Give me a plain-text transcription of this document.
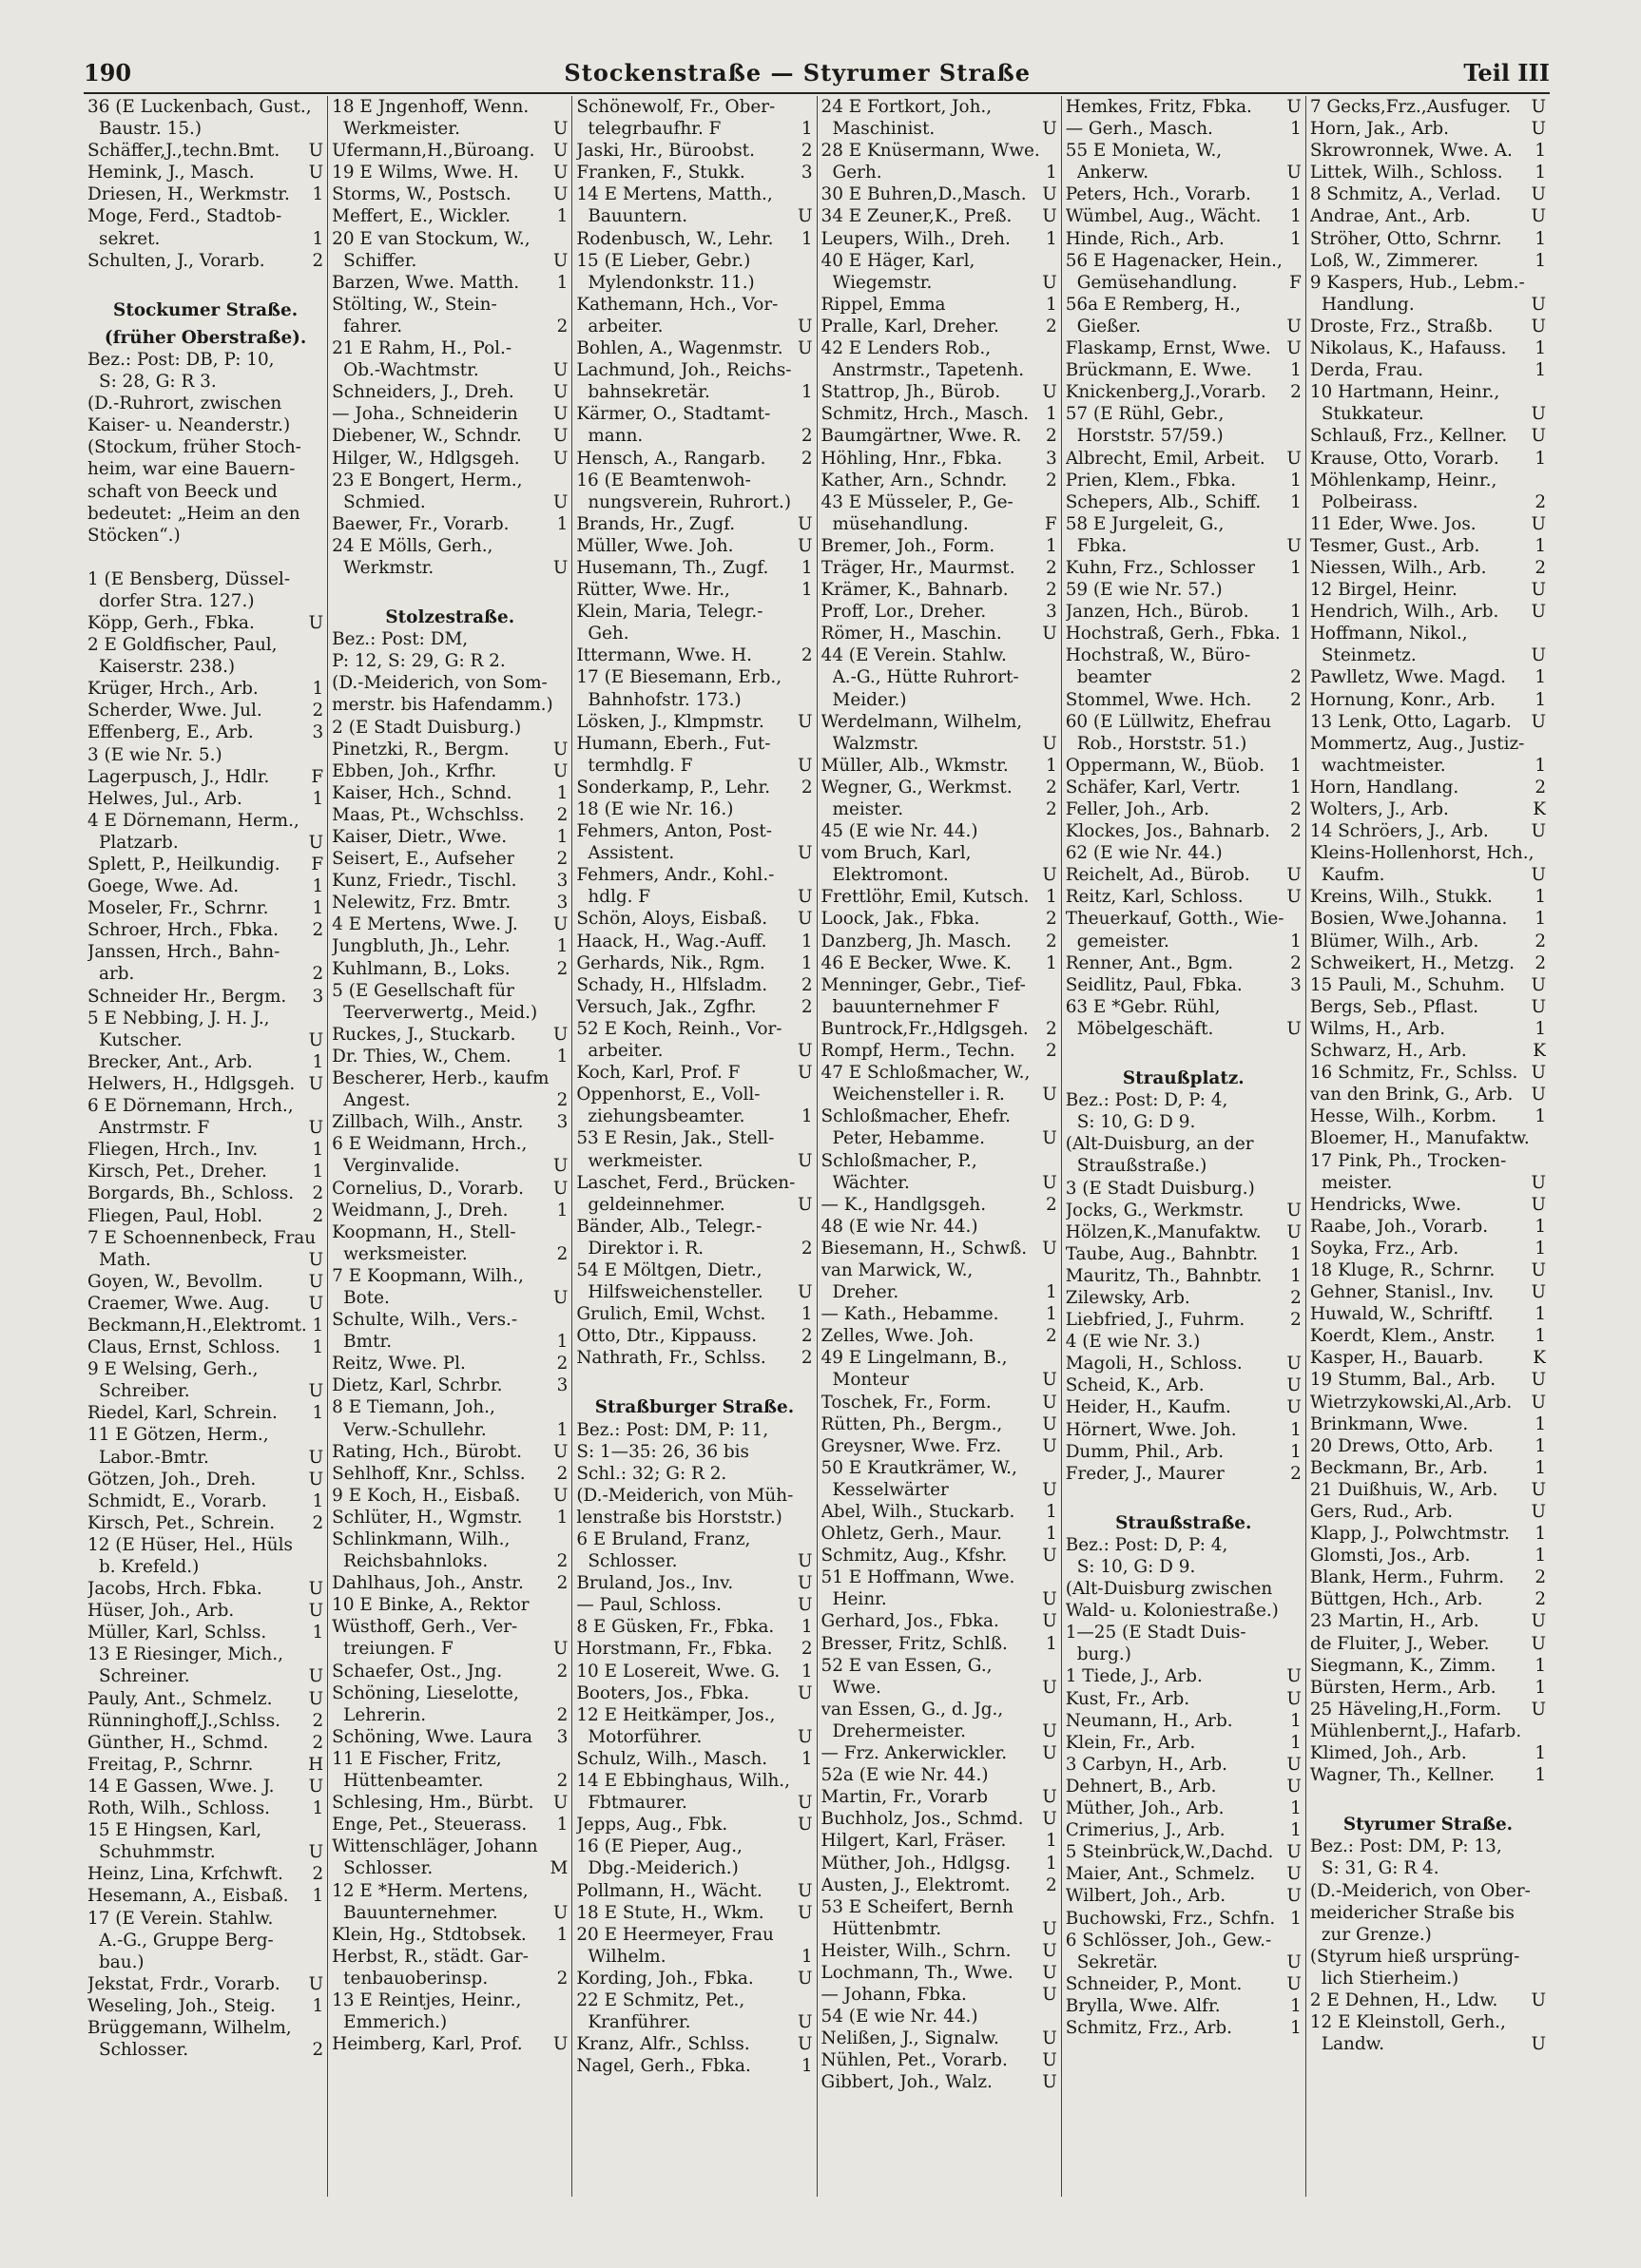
190	Stockenstraße — Styrumer Straße	Teil III
36 (E Luckenbach, Gust.,
Baustr. 15.)
Schäffer,J.,techn.Bmt. U
Hemink, J., Masch.	U
Driesen, H., Werkmstr. 1
Moge, Ferd., Stadtob-
sekret.	1
Schulten, J., Vorarb.	2
Stockumer Straße.
(früher Oberstraße).
Bez.: Post: DB, P: 10,
S: 28, G: R 3.
(D.-Ruhrort, zwischen
Kaiser- u. Neanderstr.)
(Stockum, früher Stoch-
heim, war eine Bauern-
schaft von Beeck und
bedeutet: „Heim an den
Stöcken“.)
1 (E Bensberg, Düssel-
dorfer Stra. 127.)
Köpp, Gerh., Fbka.	U
2 E Goldfischer, Paul,
Kaiserstr. 238.)
Krüger, Hrch., Arb.	1
Scherder, Wwe. Jul.	2
Effenberg, E., Arb.	3
3 (E wie Nr. 5.)
Lagerpusch, J., Hdlr. F
Helwes, Jul., Arb.	1
4 E Dörnemann, Herm.,
Platzarb.	U
Splett, P., Heilkundig. F
Goege, Wwe. Ad.	1
Moseler, Fr., Schrnr. 1
Schroer, Hrch., Fbka. 2
Janssen, Hrch., Bahn-
arb.	2
Schneider Hr., Bergm. 3
5 E Nebbing, J. H. J.,
Kutscher.	U
Brecker, Ant., Arb.	1
Helwers, H., Hdlgsgeh. U
6 E Dörnemann, Hrch.,
Anstrmstr. F	U
Fliegen, Hrch., Inv.	1
Kirsch, Pet., Dreher.	1
Borgards, Bh., Schloss. 2
Fliegen, Paul, Hobl.	2
7 E Schoennenbeck, Frau
Math.	U
Goyen, W., Bevollm.	U
Craemer, Wwe. Aug. U
Beckmann,H.,Elektromt. 1
Claus, Ernst, Schloss. 1
9 E Welsing, Gerh.,
Schreiber.	U
Riedel, Karl, Schrein. 1
11 E Götzen, Herm.,
Labor.-Bmtr.	U
Götzen, Joh., Dreh.	U
Schmidt, E., Vorarb.	1
Kirsch, Pet., Schrein. 2
12 (E Hüser, Hel., Hüls
b. Krefeld.)
Jacobs, Hrch. Fbka.	U
Hüser, Joh., Arb.	U
Müller, Karl, Schlss.	1
13 E Riesinger, Mich.,
Schreiner.	U
Pauly, Ant., Schmelz. U
Rünninghoff,J.,Schlss. 2
Günther, H., Schmd.	2
Freitag, P., Schrnr.	H
14 E Gassen, Wwe. J. U
Roth, Wilh., Schloss. 1
15 E Hingsen, Karl,
Schuhmmstr.	U
Heinz, Lina, Krfchwft. 2
Hesemann, A., Eisbaß. 1
17 (E Verein. Stahlw.
A.-G., Gruppe Berg-
bau.)
Jekstat, Frdr., Vorarb. U
Weseling, Joh., Steig. 1
Brüggemann, Wilhelm,
Schlosser.	2
18 E Jngenhoff, Wenn.
Werkmeister.	U
Ufermann,H.,Büroang. U
19 E Wilms, Wwe. H. U
Storms, W., Postsch. U
Meffert, E., Wickler.	1
20 E van Stockum, W.,
Schiffer.	U
Barzen, Wwe. Matth. 1
Stölting, W., Stein-
fahrer.	2
21 E Rahm, H., Pol.-
Ob.-Wachtmstr.	U
Schneiders, J., Dreh. U
— Joha., Schneiderin U
Diebener, W., Schndr. U
Hilger, W., Hdlgsgeh. U
23 E Bongert, Herm.,
Schmied.	U
Baewer, Fr., Vorarb.	1
24 E Mölls, Gerh.,
Werkmstr.	U
Stolzestraße.
Bez.: Post: DM,
P: 12, S: 29, G: R 2.
(D.-Meiderich, von Som-
merstr. bis Hafendamm.)
2 (E Stadt Duisburg.)
Pinetzki, R., Bergm.	U
Ebben, Joh., Krfhr.	U
Kaiser, Hch., Schnd.	1
Maas, Pt., Wchschlss. 2
Kaiser, Dietr., Wwe.	1
Seisert, E., Aufseher 2
Kunz, Friedr., Tischl. 3
Nelewitz, Frz. Bmtr.	3
4 E Mertens, Wwe. J. U
Jungbluth, Jh., Lehr.	1
Kuhlmann, B., Loks.	2
5 (E Gesellschaft für
Teerverwertg., Meid.)
Ruckes, J., Stuckarb. U
Dr. Thies, W., Chem.	1
Bescherer, Herb., kaufm
Angest.	2
Zillbach, Wilh., Anstr. 3
6 E Weidmann, Hrch.,
Verginvalide.	U
Cornelius, D., Vorarb. U
Weidmann, J., Dreh.	1
Koopmann, H., Stell-
werksmeister.	2
7 E Koopmann, Wilh.,
Bote.	U
Schulte, Wilh., Vers.-
Bmtr.	1
Reitz, Wwe. Pl.	2
Dietz, Karl, Schrbr.	3
8 E Tiemann, Joh.,
Verw.-Schullehr.	1
Rating, Hch., Bürobt. U
Sehlhoff, Knr., Schlss. 2
9 E Koch, H., Eisbaß. U
Schlüter, H., Wgmstr. 1
Schlinkmann, Wilh.,
Reichsbahnloks.	2
Dahlhaus, Joh., Anstr. 2
10 E Binke, A., Rektor
Wüsthoff, Gerh., Ver-
treiungen. F	U
Schaefer, Ost., Jng.	2
Schöning, Lieselotte,
Lehrerin.	2
Schöning, Wwe. Laura 3
11 E Fischer, Fritz,
Hüttenbeamter.	2
Schlesing, Hm., Bürbt. U
Enge, Pet., Steuerass. 1
Wittenschläger, Johann
Schlosser.	M
12 E *Herm. Mertens,
Bauunternehmer.	U
Klein, Hg., Stdtobsek. 1
Herbst, R., städt. Gar-
tenbauoberinsp.	2
13 E Reintjes, Heinr.,
Emmerich.)
Heimberg, Karl, Prof. U
Schönewolf, Fr., Ober-
telegrbaufhr. F	1
Jaski, Hr., Büroobst.	2
Franken, F., Stukk.	3
14 E Mertens, Matth.,
Bauuntern.	U
Rodenbusch, W., Lehr. 1
15 (E Lieber, Gebr.)
Mylendonkstr. 11.)
Kathemann, Hch., Vor-
arbeiter.	U
Bohlen, A., Wagenmstr. U
Lachmund, Joh., Reichs-
bahnsekretär.	1
Kärmer, O., Stadtamt-
mann.	2
Hensch, A., Rangarb. 2
16 (E Beamtenwoh-
nungsverein, Ruhrort.)
Brands, Hr., Zugf.	U
Müller, Wwe. Joh.	U
Husemann, Th., Zugf. 1
Rütter, Wwe. Hr.,	1
Klein, Maria, Telegr.-
Geh.
Ittermann, Wwe. H.	2
17 (E Biesemann, Erb.,
Bahnhofstr. 173.)
Lösken, J., Klmpmstr. U
Humann, Eberh., Fut-
termhdlg. F	U
Sonderkamp, P., Lehr. 2
18 (E wie Nr. 16.)
Fehmers, Anton, Post-
Assistent.	U
Fehmers, Andr., Kohl.-
hdlg. F	U
Schön, Aloys, Eisbaß. U
Haack, H., Wag.-Auff. 1
Gerhards, Nik., Rgm. 1
Schady, H., Hlfsladm. 2
Versuch, Jak., Zgfhr.	2
52 E Koch, Reinh., Vor-
arbeiter.	U
Koch, Karl, Prof. F	U
Oppenhorst, E., Voll-
ziehungsbeamter.	1
53 E Resin, Jak., Stell-
werkmeister.	U
Laschet, Ferd., Brücken-
geldeinnehmer.	U
Bänder, Alb., Telegr.-
Direktor i. R.	2
54 E Möltgen, Dietr.,
Hilfsweichensteller. U
Grulich, Emil, Wchst. 1
Otto, Dtr., Kippauss.	2
Nathrath, Fr., Schlss. 2
Straßburger Straße.
Bez.: Post: DM, P: 11,
S: 1—35: 26, 36 bis
Schl.: 32; G: R 2.
(D.-Meiderich, von Müh-
lenstraße bis Horststr.)
6 E Bruland, Franz,
Schlosser.	U
Bruland, Jos., Inv.	U
— Paul, Schloss.	U
8 E Güsken, Fr., Fbka. 1
Horstmann, Fr., Fbka. 2
10 E Losereit, Wwe. G. 1
Booters, Jos., Fbka.	U
12 E Heitkämper, Jos.,
Motorführer.	U
Schulz, Wilh., Masch. 1
14 E Ebbinghaus, Wilh.,
Fbtmaurer.	U
Jepps, Aug., Fbk.	U
16 (E Pieper, Aug.,
Dbg.-Meiderich.)
Pollmann, H., Wächt. U
18 E Stute, H., Wkm. U
20 E Heermeyer, Frau
Wilhelm.	1
Kording, Joh., Fbka.	U
22 E Schmitz, Pet.,
Kranführer.	U
Kranz, Alfr., Schlss.	U
Nagel, Gerh., Fbka.	1
24 E Fortkort, Joh.,
Maschinist.	U
28 E Knüsermann, Wwe.
Gerh.	1
30 E Buhren,D.,Masch. U
34 E Zeuner,K., Preß. U
Leupers, Wilh., Dreh. 1
40 E Häger, Karl,
Wiegemstr.	U
Rippel, Emma	1
Pralle, Karl, Dreher.	2
42 E Lenders Rob.,
Anstrmstr., Tapetenh.
Stattrop, Jh., Bürob. U
Schmitz, Hrch., Masch. 1
Baumgärtner, Wwe. R. 2
Höhling, Hnr., Fbka. 3
Kather, Arn., Schndr. 2
43 E Müsseler, P., Ge-
müsehandlung.	F
Bremer, Joh., Form.	1
Träger, Hr., Maurmst. 2
Krämer, K., Bahnarb. 2
Proff, Lor., Dreher.	3
Römer, H., Maschin. U
44 (E Verein. Stahlw.
A.-G., Hütte Ruhrort-
Meider.)
Werdelmann, Wilhelm,
Walzmstr.	U
Müller, Alb., Wkmstr. 1
Wegner, G., Werkmst. 2
meister.	2
45 (E wie Nr. 44.)
vom Bruch, Karl,
Elektromont.	U
Frettlöhr, Emil, Kutsch. 1
Loock, Jak., Fbka.	2
Danzberg, Jh. Masch. 2
46 E Becker, Wwe. K. 1
Menninger, Gebr., Tief-
bauunternehmer F
Buntrock,Fr.,Hdlgsgeh. 2
Rompf, Herm., Techn. 2
47 E Schloßmacher, W.,
Weichensteller i. R. U
Schloßmacher, Ehefr.
Peter, Hebamme.	U
Schloßmacher, P.,
Wächter.	U
— K., Handlgsgeh.	2
48 (E wie Nr. 44.)
Biesemann, H., Schwß. U
van Marwick, W.,
Dreher.	1
— Kath., Hebamme.	1
Zelles, Wwe. Joh.	2
49 E Lingelmann, B.,
Monteur	U
Toschek, Fr., Form.	U
Rütten, Ph., Bergm., U
Greysner, Wwe. Frz. U
50 E Krautkrämer, W.,
Kesselwärter	U
Abel, Wilh., Stuckarb. 1
Ohletz, Gerh., Maur.	1
Schmitz, Aug., Kfshr. U
51 E Hoffmann, Wwe.
Heinr.	U
Gerhard, Jos., Fbka. U
Bresser, Fritz, Schlß. 1
52 E van Essen, G.,
Wwe.	U
van Essen, G., d. Jg.,
Drehermeister.	U
— Frz. Ankerwickler. U
52a (E wie Nr. 44.)
Martin, Fr., Vorarb	U
Buchholz, Jos., Schmd. U
Hilgert, Karl, Fräser. 1
Müther, Joh., Hdlgsg. 1
Austen, J., Elektromt. 2
53 E Scheifert, Bernh
Hüttenbmtr.	U
Heister, Wilh., Schrn. U
Lochmann, Th., Wwe. U
— Johann, Fbka.	U
54 (E wie Nr. 44.)
Nelißen, J., Signalw. U
Nühlen, Pet., Vorarb. U
Gibbert, Joh., Walz.	U
Hemkes, Fritz, Fbka. U
— Gerh., Masch.	1
55 E Monieta, W.,
Ankerw.	U
Peters, Hch., Vorarb. 1
Wümbel, Aug., Wächt. 1
Hinde, Rich., Arb.	1
56 E Hagenacker, Hein.,
Gemüsehandlung.	F
56a E Remberg, H.,
Gießer.	U
Flaskamp, Ernst, Wwe. U
Brückmann, E. Wwe. 1
Knickenberg,J.,Vorarb. 2
57 (E Rühl, Gebr.,
Horststr. 57/59.)
Albrecht, Emil, Arbeit. U
Prien, Klem., Fbka.	1
Schepers, Alb., Schiff. 1
58 E Jurgeleit, G.,
Fbka.	U
Kuhn, Frz., Schlosser 1
59 (E wie Nr. 57.)
Janzen, Hch., Bürob. 1
Hochstraß, Gerh., Fbka. 1
Hochstraß, W., Büro-
beamter	2
Stommel, Wwe. Hch. 2
60 (E Lüllwitz, Ehefrau
Rob., Horststr. 51.)
Oppermann, W., Büob. 1
Schäfer, Karl, Vertr.	1
Feller, Joh., Arb.	2
Klockes, Jos., Bahnarb. 2
62 (E wie Nr. 44.)
Reichelt, Ad., Bürob. U
Reitz, Karl, Schloss. U
Theuerkauf, Gotth., Wie-
gemeister.	1
Renner, Ant., Bgm.	2
Seidlitz, Paul, Fbka.	3
63 E *Gebr. Rühl,
Möbelgeschäft.	U
Straußplatz.
Bez.: Post: D, P: 4,
S: 10, G: D 9.
(Alt-Duisburg, an der
Straußstraße.)
3 (E Stadt Duisburg.)
Jocks, G., Werkmstr. U
Hölzen,K.,Manufaktw. U
Taube, Aug., Bahnbtr. 1
Mauritz, Th., Bahnbtr. 1
Zilewsky, Arb.	2
Liebfried, J., Fuhrm.	2
4 (E wie Nr. 3.)
Magoli, H., Schloss.	U
Scheid, K., Arb.	U
Heider, H., Kaufm.	U
Hörnert, Wwe. Joh.	1
Dumm, Phil., Arb.	1
Freder, J., Maurer	2
Straußstraße.
Bez.: Post: D, P: 4,
S: 10, G: D 9.
(Alt-Duisburg zwischen
Wald- u. Koloniestraße.)
1—25 (E Stadt Duis-
burg.)
1 Tiede, J., Arb.	U
Kust, Fr., Arb.	U
Neumann, H., Arb.	1
Klein, Fr., Arb.	1
3 Carbyn, H., Arb.	U
Dehnert, B., Arb.	U
Müther, Joh., Arb.	1
Crimerius, J., Arb.	1
5 Steinbrück,W.,Dachd. U
Maier, Ant., Schmelz. U
Wilbert, Joh., Arb.	U
Buchowski, Frz., Schfn. 1
6 Schlösser, Joh., Gew.-
Sekretär.	U
Schneider, P., Mont.	U
Brylla, Wwe. Alfr.	1
Schmitz, Frz., Arb.	1
7 Gecks,Frz.,Ausfuger. U
Horn, Jak., Arb.	U
Skrowronnek, Wwe. A. 1
Littek, Wilh., Schloss. 1
8 Schmitz, A., Verlad. U
Andrae, Ant., Arb.	U
Ströher, Otto, Schrnr. 1
Loß, W., Zimmerer.	1
9 Kaspers, Hub., Lebm.-
Handlung.	U
Droste, Frz., Straßb. U
Nikolaus, K., Hafauss. 1
Derda, Frau.	1
10 Hartmann, Heinr.,
Stukkateur.	U
Schlauß, Frz., Kellner. U
Krause, Otto, Vorarb. 1
Möhlenkamp, Heinr.,
Polbeirass.	2
11 Eder, Wwe. Jos.	U
Tesmer, Gust., Arb.	1
Niessen, Wilh., Arb.	2
12 Birgel, Heinr.	U
Hendrich, Wilh., Arb. U
Hoffmann, Nikol.,
Steinmetz.	U
Pawlletz, Wwe. Magd. 1
Hornung, Konr., Arb. 1
13 Lenk, Otto, Lagarb. U
Mommertz, Aug., Justiz-
wachtmeister.	1
Horn, Handlang.	2
Wolters, J., Arb.	K
14 Schröers, J., Arb. U
Kleins-Hollenhorst, Hch.,
Kaufm.	U
Kreins, Wilh., Stukk. 1
Bosien, Wwe.Johanna. 1
Blümer, Wilh., Arb.	2
Schweikert, H., Metzg. 2
15 Pauli, M., Schuhm. U
Bergs, Seb., Pflast.	U
Wilms, H., Arb.	1
Schwarz, H., Arb.	K
16 Schmitz, Fr., Schlss. U
van den Brink, G., Arb. U
Hesse, Wilh., Korbm. 1
Bloemer, H., Manufaktw.
17 Pink, Ph., Trocken-
meister.	U
Hendricks, Wwe.	U
Raabe, Joh., Vorarb.	1
Soyka, Frz., Arb.	1
18 Kluge, R., Schrnr. U
Gehner, Stanisl., Inv. U
Huwald, W., Schriftf. 1
Koerdt, Klem., Anstr. 1
Kasper, H., Bauarb.	K
19 Stumm, Bal., Arb. U
Wietrzykowski,Al.,Arb. U
Brinkmann, Wwe.	1
20 Drews, Otto, Arb. 1
Beckmann, Br., Arb.	1
21 Duißhuis, W., Arb. U
Gers, Rud., Arb.	U
Klapp, J., Polwchtmstr. 1
Glomsti, Jos., Arb.	1
Blank, Herm., Fuhrm. 2
Büttgen, Hch., Arb.	2
23 Martin, H., Arb.	U
de Fluiter, J., Weber. U
Siegmann, K., Zimm. 1
Bürsten, Herm., Arb. 1
25 Häveling,H.,Form. U
Mühlenbernt,J., Hafarb.
Klimed, Joh., Arb.	1
Wagner, Th., Kellner. 1
Styrumer Straße.
Bez.: Post: DM, P: 13,
S: 31, G: R 4.
(D.-Meiderich, von Ober-
meidericher Straße bis
zur Grenze.)
(Styrum hieß ursprüng-
lich Stierheim.)
2 E Dehnen, H., Ldw. U
12 E Kleinstoll, Gerh.,
Landw.	U
